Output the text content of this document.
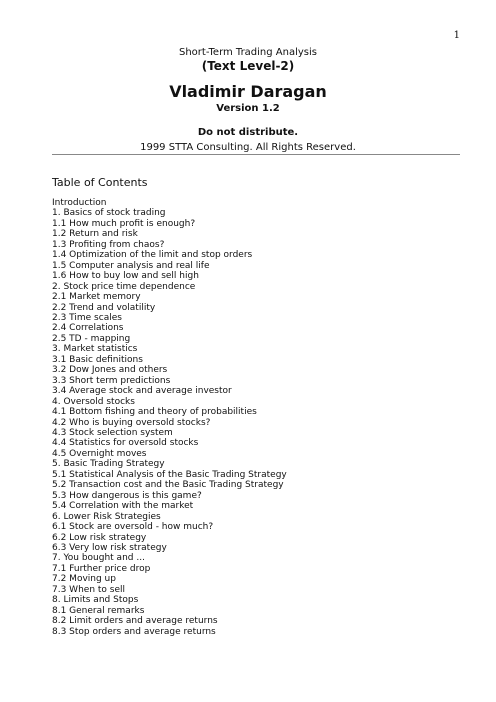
1
Short-Term Trading Analysis
(Text Level-2)
Vladimir Daragan
Version 1.2
Do not distribute.
1999 STTA Consulting. All Rights Reserved.
Table of Contents
Introduction
1. Basics of stock trading
1.1 How much profit is enough?
1.2 Return and risk
1.3 Profiting from chaos?
1.4 Optimization of the limit and stop orders
1.5 Computer analysis and real life
1.6 How to buy low and sell high
2. Stock price time dependence
2.1 Market memory
2.2 Trend and volatility
2.3 Time scales
2.4 Correlations
2.5 TD - mapping
3. Market statistics
3.1 Basic definitions
3.2 Dow Jones and others
3.3 Short term predictions
3.4 Average stock and average investor
4. Oversold stocks
4.1 Bottom fishing and theory of probabilities
4.2 Who is buying oversold stocks?
4.3 Stock selection system
4.4 Statistics for oversold stocks
4.5 Overnight moves
5. Basic Trading Strategy
5.1 Statistical Analysis of the Basic Trading Strategy
5.2 Transaction cost and the Basic Trading Strategy
5.3 How dangerous is this game?
5.4 Correlation with the market
6. Lower Risk Strategies
6.1 Stock are oversold - how much?
6.2 Low risk strategy
6.3 Very low risk strategy
7. You bought and ...
7.1 Further price drop
7.2 Moving up
7.3 When to sell
8. Limits and Stops
8.1 General remarks
8.2 Limit orders and average returns
8.3 Stop orders and average returns
